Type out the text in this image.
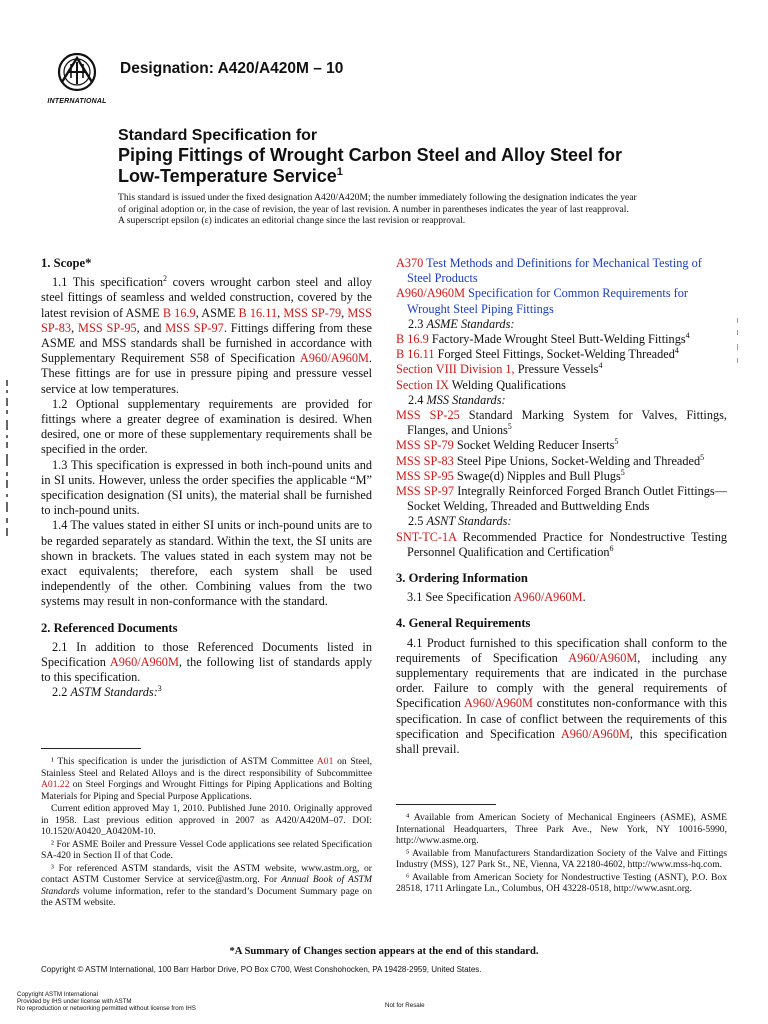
INTERNATIONAL
Designation: A420/A420M – 10
Standard Specification for
Piping Fittings of Wrought Carbon Steel and Alloy Steel for
Low-Temperature Service$^1$

This standard is issued under the fixed designation A420/A420M; the number immediately following the designation indicates the year

of original adoption or, in the case of revision, the year of last revision. A number in parentheses indicates the year of last reapproval.

A superscript epsilon (ε) indicates an editorial change since the last revision or reapproval.

1. Scope*

1.1 This specification$^2$ covers wrought carbon steel and alloy steel fittings of seamless and welded construction, covered by the latest revision of ASME B 16.9, ASME B 16.11, MSS SP-79, MSS SP-83, MSS SP-95, and MSS SP-97. Fittings differing from these ASME and MSS standards shall be furnished in accordance with Supplementary Requirement S58 of Specification A960/A960M. These fittings are for use in pressure piping and pressure vessel service at low temperatures.

1.2 Optional supplementary requirements are provided for fittings where a greater degree of examination is desired. When desired, one or more of these supplementary requirements shall be specified in the order.

1.3 This specification is expressed in both inch-pound units and in SI units. However, unless the order specifies the applicable “M” specification designation (SI units), the material shall be furnished to inch-pound units.

1.4 The values stated in either SI units or inch-pound units are to be regarded separately as standard. Within the text, the SI units are shown in brackets. The values stated in each system may not be exact equivalents; therefore, each system shall be used independently of the other. Combining values from the two systems may result in non-conformance with the standard.

2. Referenced Documents

2.1 In addition to those Referenced Documents listed in Specification A960/A960M, the following list of standards apply to this specification.

2.2 ASTM Standards:$^3$

A370 Test Methods and Definitions for Mechanical Testing of Steel Products

A960/A960M Specification for Common Requirements for Wrought Steel Piping Fittings

2.3 ASME Standards:

B 16.9 Factory-Made Wrought Steel Butt-Welding Fittings$^4$

B 16.11 Forged Steel Fittings, Socket-Welding Threaded$^4$

Section VIII Division 1, Pressure Vessels$^4$

Section IX Welding Qualifications

2.4 MSS Standards:

MSS SP-25 Standard Marking System for Valves, Fittings, Flanges, and Unions$^5$

MSS SP-79 Socket Welding Reducer Inserts$^5$

MSS SP-83 Steel Pipe Unions, Socket-Welding and Threaded$^5$

MSS SP-95 Swage(d) Nipples and Bull Plugs$^5$

MSS SP-97 Integrally Reinforced Forged Branch Outlet Fittings—Socket Welding, Threaded and Buttwelding Ends

2.5 ASNT Standards:

SNT-TC-1A Recommended Practice for Nondestructive Testing Personnel Qualification and Certification$^6$

3. Ordering Information

3.1 See Specification A960/A960M.

4. General Requirements

4.1 Product furnished to this specification shall conform to the requirements of Specification A960/A960M, including any supplementary requirements that are indicated in the purchase order. Failure to comply with the general requirements of Specification A960/A960M constitutes non-conformance with this specification. In case of conflict between the requirements of this specification and Specification A960/A960M, this specification shall prevail.

¹ This specification is under the jurisdiction of ASTM Committee A01 on Steel, Stainless Steel and Related Alloys and is the direct responsibility of Subcommittee A01.22 on Steel Forgings and Wrought Fittings for Piping Applications and Bolting Materials for Piping and Special Purpose Applications.

Current edition approved May 1, 2010. Published June 2010. Originally approved in 1958. Last previous edition approved in 2007 as A420/A420M–07. DOI: 10.1520/A0420_A0420M-10.

² For ASME Boiler and Pressure Vessel Code applications see related Specification SA-420 in Section II of that Code.

³ For referenced ASTM standards, visit the ASTM website, www.astm.org, or contact ASTM Customer Service at service@astm.org. For Annual Book of ASTM Standards volume information, refer to the standard’s Document Summary page on the ASTM website.

⁴ Available from American Society of Mechanical Engineers (ASME), ASME International Headquarters, Three Park Ave., New York, NY 10016-5990, http://www.asme.org.

⁵ Available from Manufacturers Standardization Society of the Valve and Fittings Industry (MSS), 127 Park St., NE, Vienna, VA 22180-4602, http://www.mss-hq.com.

⁶ Available from American Society for Nondestructive Testing (ASNT), P.O. Box 28518, 1711 Arlingate Ln., Columbus, OH 43228-0518, http://www.asnt.org.

*A Summary of Changes section appears at the end of this standard.
Copyright © ASTM International, 100 Barr Harbor Drive, PO Box C700, West Conshohocken, PA 19428-2959, United States.
Copyright ASTM International
Provided by IHS under license with ASTM
No reproduction or networking permitted without license from IHS	Not for Resale
